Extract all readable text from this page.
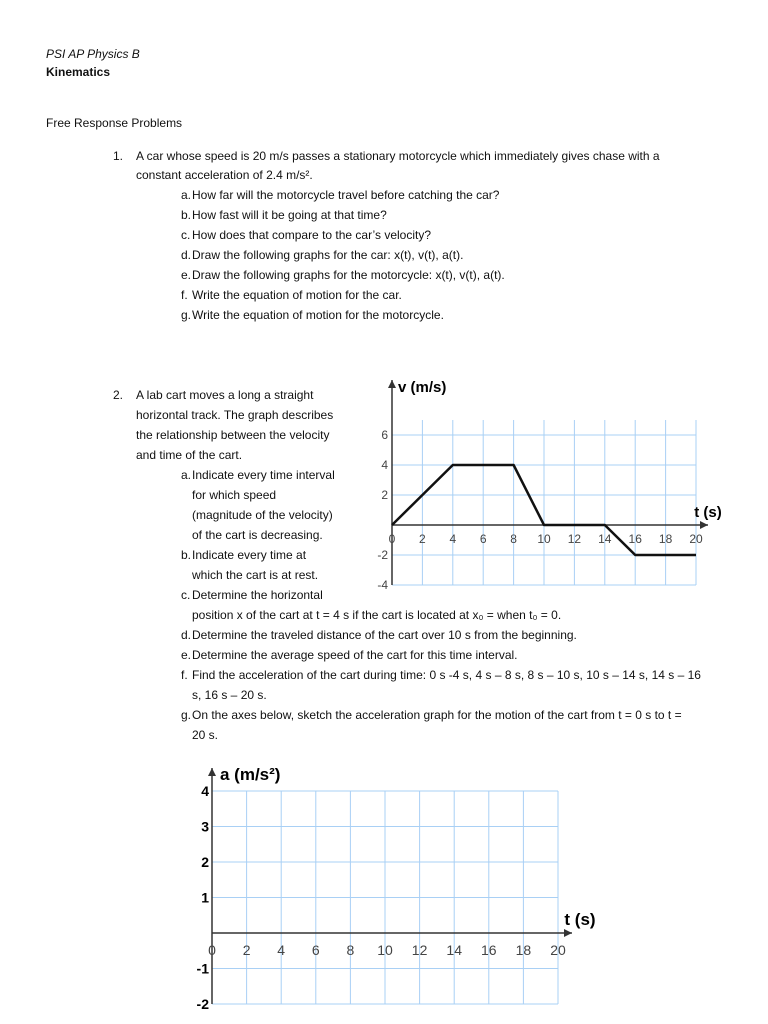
PSI AP Physics B
Kinematics
Free Response Problems
1. A car whose speed is 20 m/s passes a stationary motorcycle which immediately gives chase with a
constant acceleration of 2.4 m/s².
a. How far will the motorcycle travel before catching the car?
b. How fast will it be going at that time?
c. How does that compare to the car’s velocity?
d. Draw the following graphs for the car: x(t), v(t), a(t).
e. Draw the following graphs for the motorcycle: x(t), v(t), a(t).
f. Write the equation of motion for the car.
g. Write the equation of motion for the motorcycle.
2. A lab cart moves a long a straight
horizontal track. The graph describes
the relationship between the velocity
and time of the cart.
a. Indicate every time interval
for which speed
(magnitude of the velocity)
of the cart is decreasing.
b. Indicate every time at
which the cart is at rest.
c. Determine the horizontal
position x of the cart at t = 4 s if the cart is located at x₀ = when t₀ = 0.
d. Determine the traveled distance of the cart over 10 s from the beginning.
e. Determine the average speed of the cart for this time interval.
f. Find the acceleration of the cart during time: 0 s -4 s, 4 s – 8 s, 8 s – 10 s, 10 s – 14 s, 14 s – 16
s, 16 s – 20 s.
g. On the axes below, sketch the acceleration graph for the motion of the cart from t = 0 s to t =
20 s.
v (m/s)
t (s)
0 2 4 6 8 10 12 14 16 18 20
-4
-2
2
4
6
a (m/s²)
t (s)
0 2 4 6 8 10 12 14 16 18 20
-2
-1
1
2
3
4
